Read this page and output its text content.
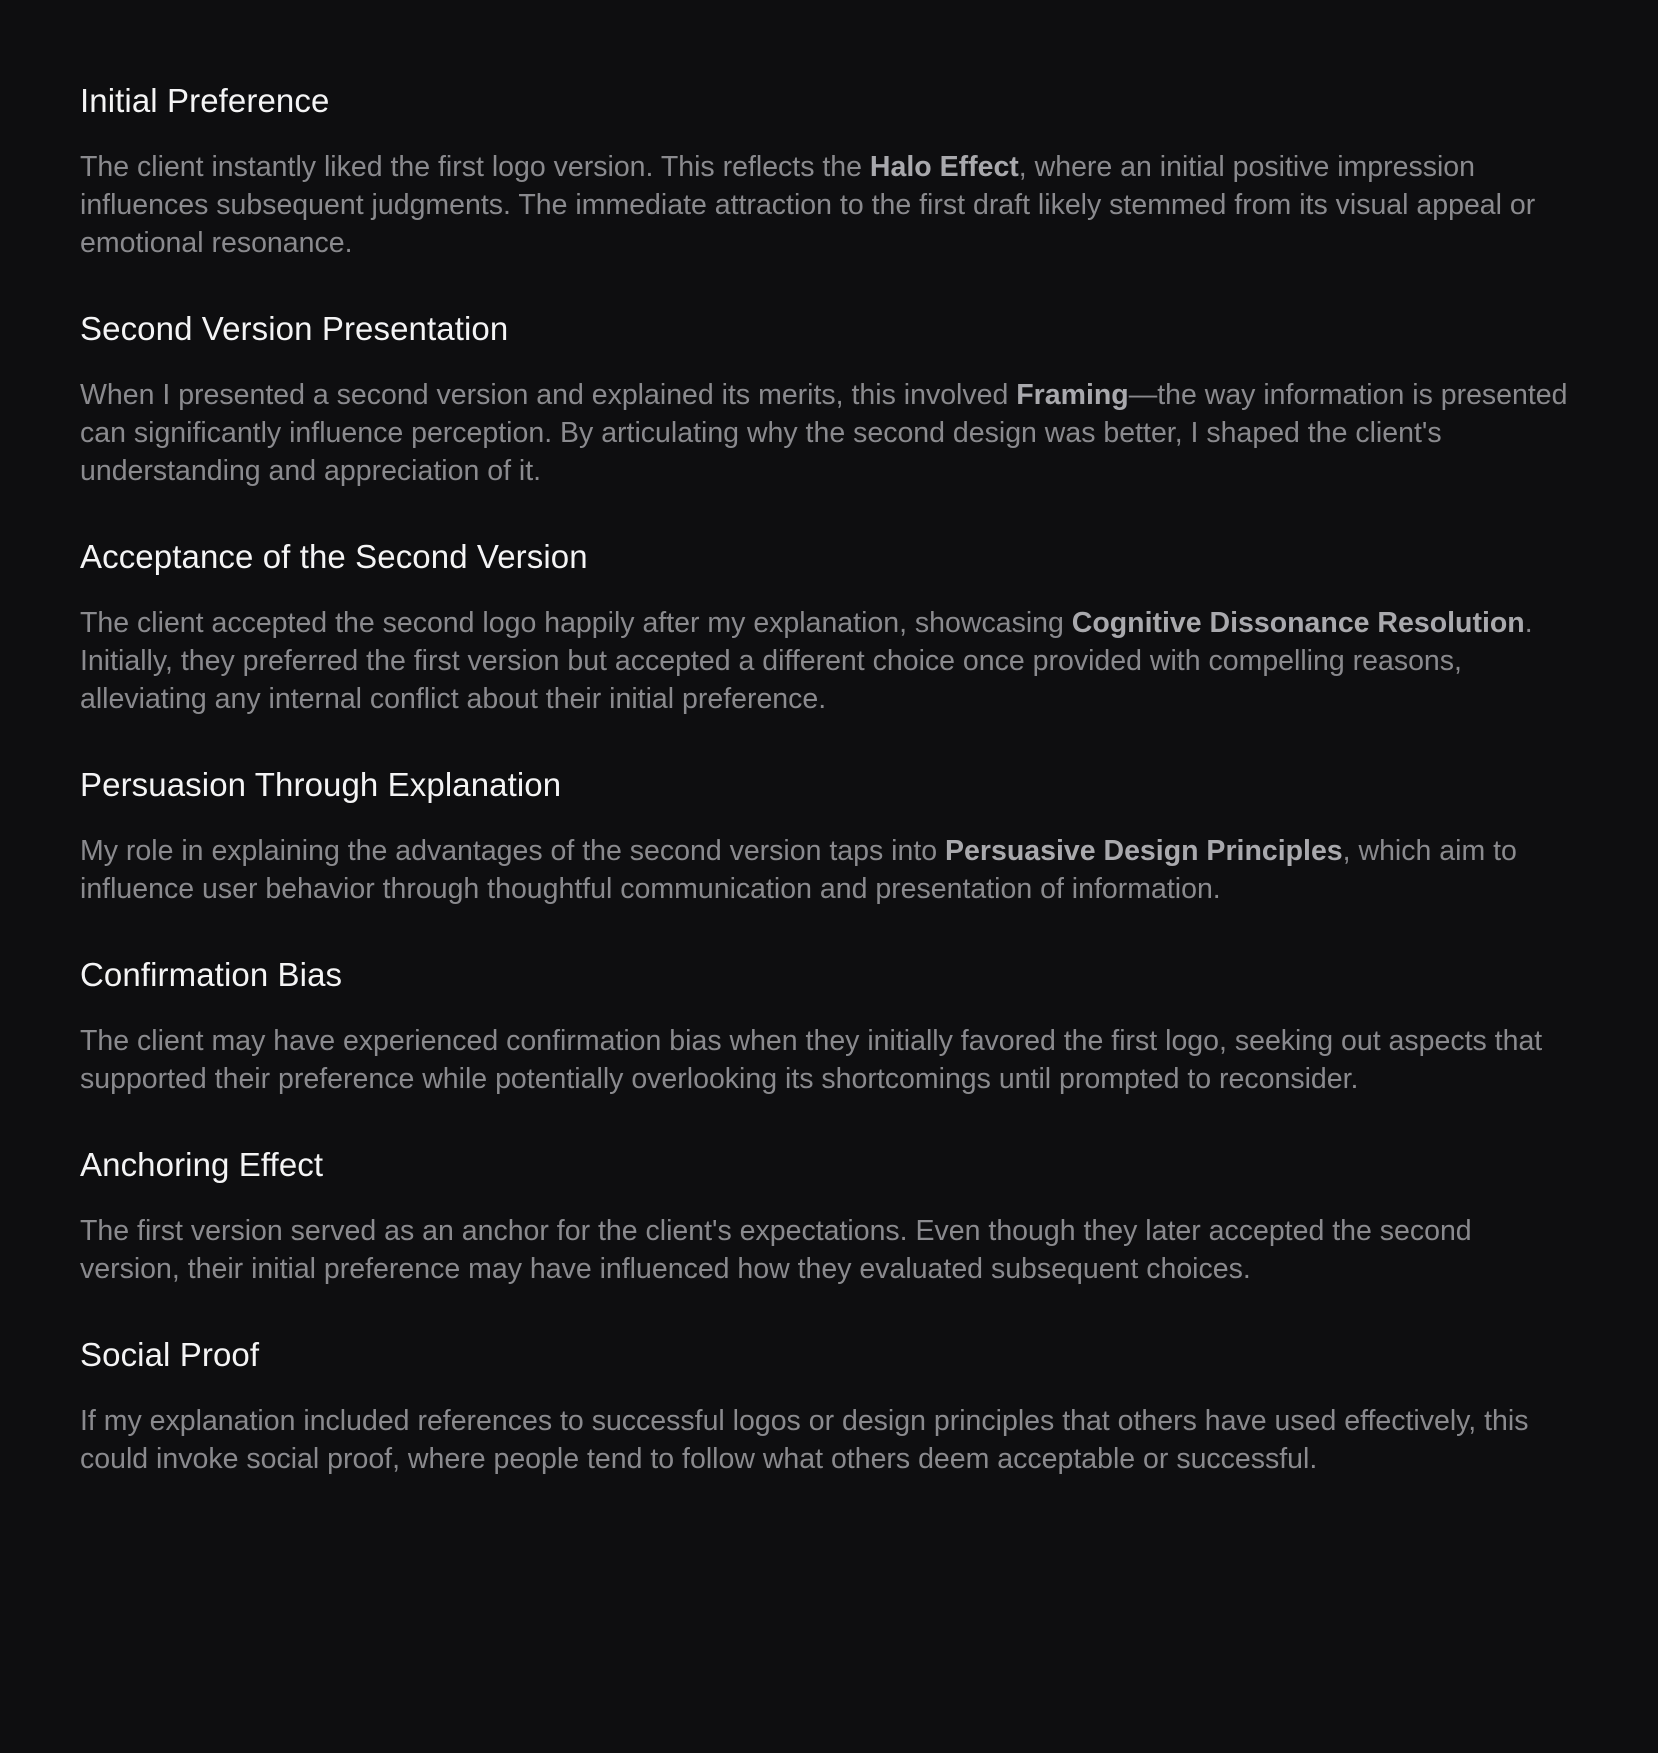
Initial Preference

The client instantly liked the first logo version. This reflects the Halo Effect, where an initial positive impression influences subsequent judgments. The immediate attraction to the first draft likely stemmed from its visual appeal or emotional resonance.

Second Version Presentation

When I presented a second version and explained its merits, this involved Framing—the way information is presented can significantly influence perception. By articulating why the second design was better, I shaped the client's understanding and appreciation of it.

Acceptance of the Second Version

The client accepted the second logo happily after my explanation, showcasing Cognitive Dissonance Resolution. Initially, they preferred the first version but accepted a different choice once provided with compelling reasons, alleviating any internal conflict about their initial preference.

Persuasion Through Explanation

My role in explaining the advantages of the second version taps into Persuasive Design Principles, which aim to influence user behavior through thoughtful communication and presentation of information.

Confirmation Bias

The client may have experienced confirmation bias when they initially favored the first logo, seeking out aspects that supported their preference while potentially overlooking its shortcomings until prompted to reconsider.

Anchoring Effect

The first version served as an anchor for the client's expectations. Even though they later accepted the second version, their initial preference may have influenced how they evaluated subsequent choices.

Social Proof

If my explanation included references to successful logos or design principles that others have used effectively, this could invoke social proof, where people tend to follow what others deem acceptable or successful.
